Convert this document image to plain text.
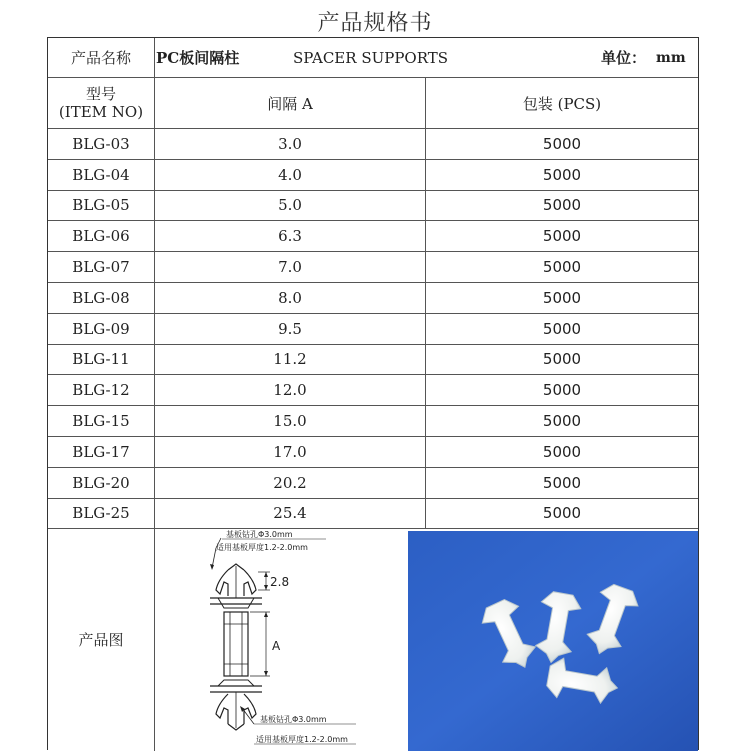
产品规格书
产品名称	PC板间隔柱	SPACER SUPPORTS	单位： mm
型号
(ITEM NO)	间隔 A	包装 (PCS)
BLG-03	3.0	5000
BLG-04	4.0	5000
BLG-05	5.0	5000
BLG-06	6.3	5000
BLG-07	7.0	5000
BLG-08	8.0	5000
BLG-09	9.5	5000
BLG-11	11.2	5000
BLG-12	12.0	5000
BLG-15	15.0	5000
BLG-17	17.0	5000
BLG-20	20.2	5000
BLG-25	25.4	5000
产品图
基板钻孔Φ3.0mm
适用基板厚度1.2-2.0mm
2.8
A
基板钻孔Φ3.0mm
适用基板厚度1.2-2.0mm
